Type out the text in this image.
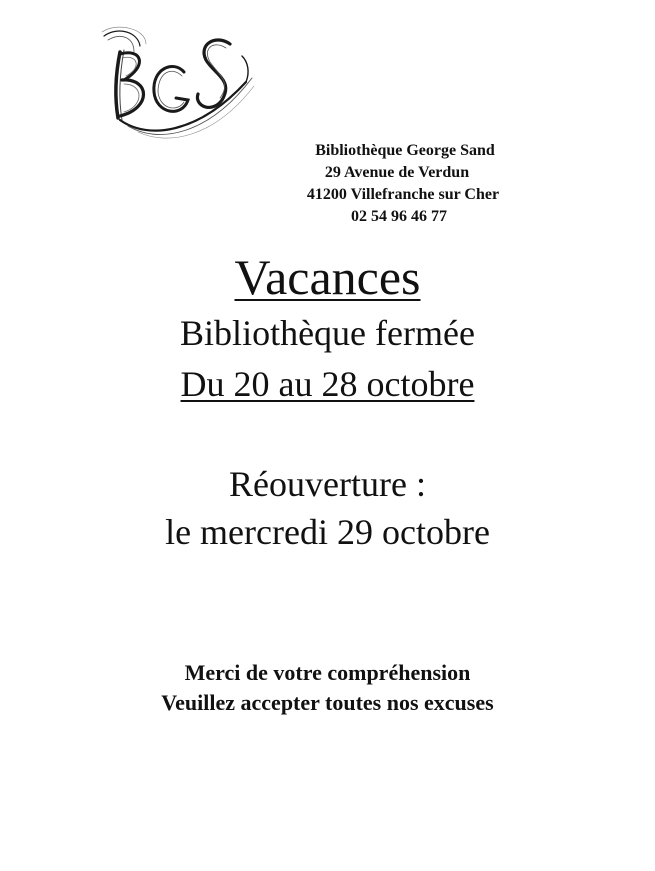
Bibliothèque George Sand
29 Avenue de Verdun
41200 Villefranche sur Cher
02 54 96 46 77
Vacances
Bibliothèque fermée
Du 20 au 28 octobre
Réouverture :
le mercredi 29 octobre
Merci de votre compréhension
Veuillez accepter toutes nos excuses
